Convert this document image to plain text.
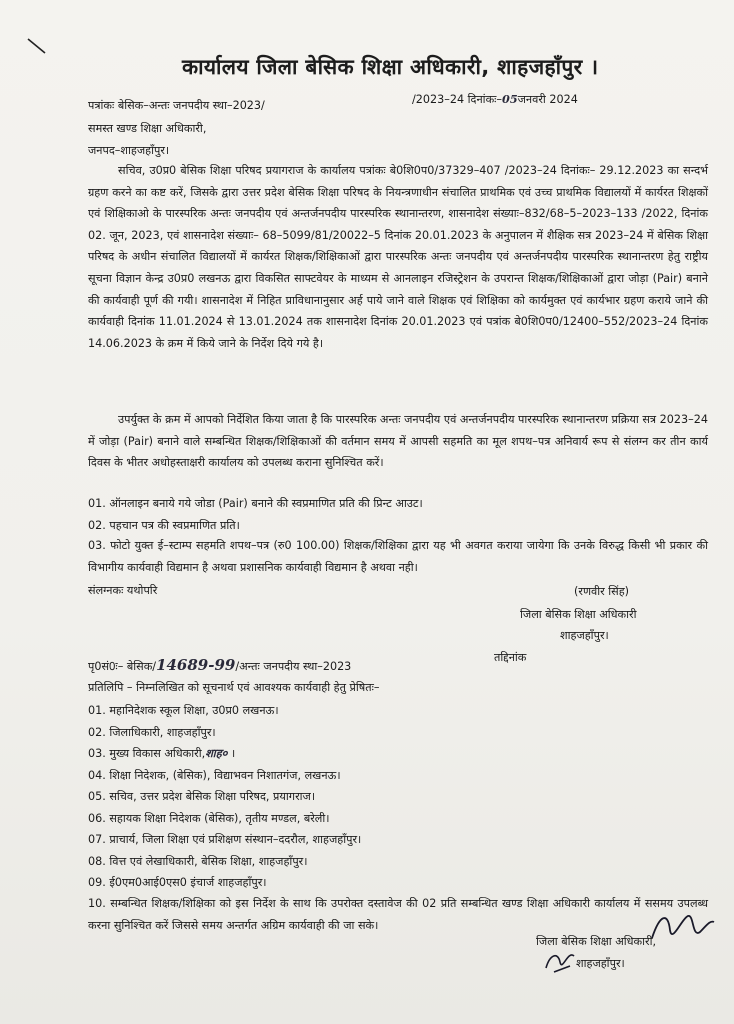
कार्यालय जिला बेसिक शिक्षा अधिकारी, शाहजहाँपुर ।
पत्रांकः बेसिक–अन्तः जनपदीय स्था–2023/	/2023–24 दिनांकः–05जनवरी 2024
समस्त खण्ड शिक्षा अधिकारी,
जनपद–शाहजहाँपुर।

सचिव, उ0प्र0 बेसिक शिक्षा परिषद प्रयागराज के कार्यालय पत्रांकः बे0शि0प0/37329–407 /2023–24 दिनांकः– 29.12.2023 का सन्दर्भ ग्रहण करने का कष्ट करें, जिसके द्वारा उत्तर प्रदेश बेसिक शिक्षा परिषद के नियन्त्रणाधीन संचालित प्राथमिक एवं उच्च प्राथमिक विद्यालयों में कार्यरत शिक्षकों एवं शिक्षिकाओ के पारस्परिक अन्तः जनपदीय एवं अन्तर्जनपदीय पारस्परिक स्थानान्तरण, शासनादेश संख्याः–832/68–5–2023–133 /2022, दिनांक 02. जून, 2023, एवं शासनादेश संख्याः– 68–5099/81/20022–5 दिनांक 20.01.2023 के अनुपालन में शैक्षिक सत्र 2023–24 में बेसिक शिक्षा परिषद के अधीन संचालित विद्यालयों में कार्यरत शिक्षक/शिक्षिकाओं द्वारा पारस्परिक अन्तः जनपदीय एवं अन्तर्जनपदीय पारस्परिक स्थानान्तरण हेतु राष्ट्रीय सूचना विज्ञान केन्द्र उ0प्र0 लखनऊ द्वारा विकसित साफ्टवेयर के माध्यम से आनलाइन रजिस्ट्रेशन के उपरान्त शिक्षक/शिक्षिकाओं द्वारा जोड़ा (Pair) बनाने की कार्यवाही पूर्ण की गयी। शासनादेश में निहित प्राविधानानुसार अर्ह पाये जाने वाले शिक्षक एवं शिक्षिका को कार्यमुक्त एवं कार्यभार ग्रहण कराये जाने की कार्यवाही दिनांक 11.01.2024 से 13.01.2024 तक शासनादेश दिनांक 20.01.2023 एवं पत्रांक बे0शि0प0/12400–552/2023–24 दिनांक 14.06.2023 के क्रम में किये जाने के निर्देश दिये गये है।

उपर्युक्त के क्रम में आपको निर्देशित किया जाता है कि पारस्परिक अन्तः जनपदीय एवं अन्तर्जनपदीय पारस्परिक स्थानान्तरण प्रक्रिया सत्र 2023–24 में जोड़ा (Pair) बनाने वाले सम्बन्धित शिक्षक/शिक्षिकाओं की वर्तमान समय में आपसी सहमति का मूल शपथ–पत्र अनिवार्य रूप से संलग्न कर तीन कार्य दिवस के भीतर अधोहस्ताक्षरी कार्यालय को उपलब्ध कराना सुनिश्चित करें।

01. ऑनलाइन बनाये गये जोडा (Pair) बनाने की स्वप्रमाणित प्रति की प्रिन्ट आउट।
02. पहचान पत्र की स्वप्रमाणित प्रति।

03. फोटो युक्त ई–स्टाम्प सहमति शपथ–पत्र (रु0 100.00) शिक्षक/शिक्षिका द्वारा यह भी अवगत कराया जायेगा कि उनके विरुद्ध किसी भी प्रकार की विभागीय कार्यवाही विद्यमान है अथवा प्रशासनिक कार्यवाही विद्यमान है अथवा नही।

संलग्नकः यथोपरि	(रणवीर सिंह)
जिला बेसिक शिक्षा अधिकारी
शाहजहाँपुर।
पृ0सं0ः– बेसिक/14689-99/अन्तः जनपदीय स्था–2023
तद्दिनांक
प्रतिलिपि – निम्नलिखित को सूचनार्थ एवं आवश्यक कार्यवाही हेतु प्रेषितः–
01. महानिदेशक स्कूल शिक्षा, उ0प्र0 लखनऊ।
02. जिलाधिकारी, शाहजहाँपुर।
03. मुख्य विकास अधिकारी,शाह० ।
04. शिक्षा निदेशक, (बेसिक), विद्याभवन निशातगंज, लखनऊ।
05. सचिव, उत्तर प्रदेश बेसिक शिक्षा परिषद, प्रयागराज।
06. सहायक शिक्षा निदेशक (बेसिक), तृतीय मण्डल, बरेली।
07. प्राचार्य, जिला शिक्षा एवं प्रशिक्षण संस्थान–ददरौल, शाहजहाँपुर।
08. वित्त एवं लेखाधिकारी, बेसिक शिक्षा, शाहजहाँपुर।
09. ई0एम0आई0एस0 इंचार्ज शाहजहाँपुर।

10. सम्बन्धित शिक्षक/शिक्षिका को इस निर्देश के साथ कि उपरोक्त दस्तावेज की 02 प्रति सम्बन्धित खण्ड शिक्षा अधिकारी कार्यालय में ससमय उपलब्ध करना सुनिश्चित करें जिससे समय अन्तर्गत अग्रिम कार्यवाही की जा सके।

जिला बेसिक शिक्षा अधिकारी,
शाहजहाँपुर।
